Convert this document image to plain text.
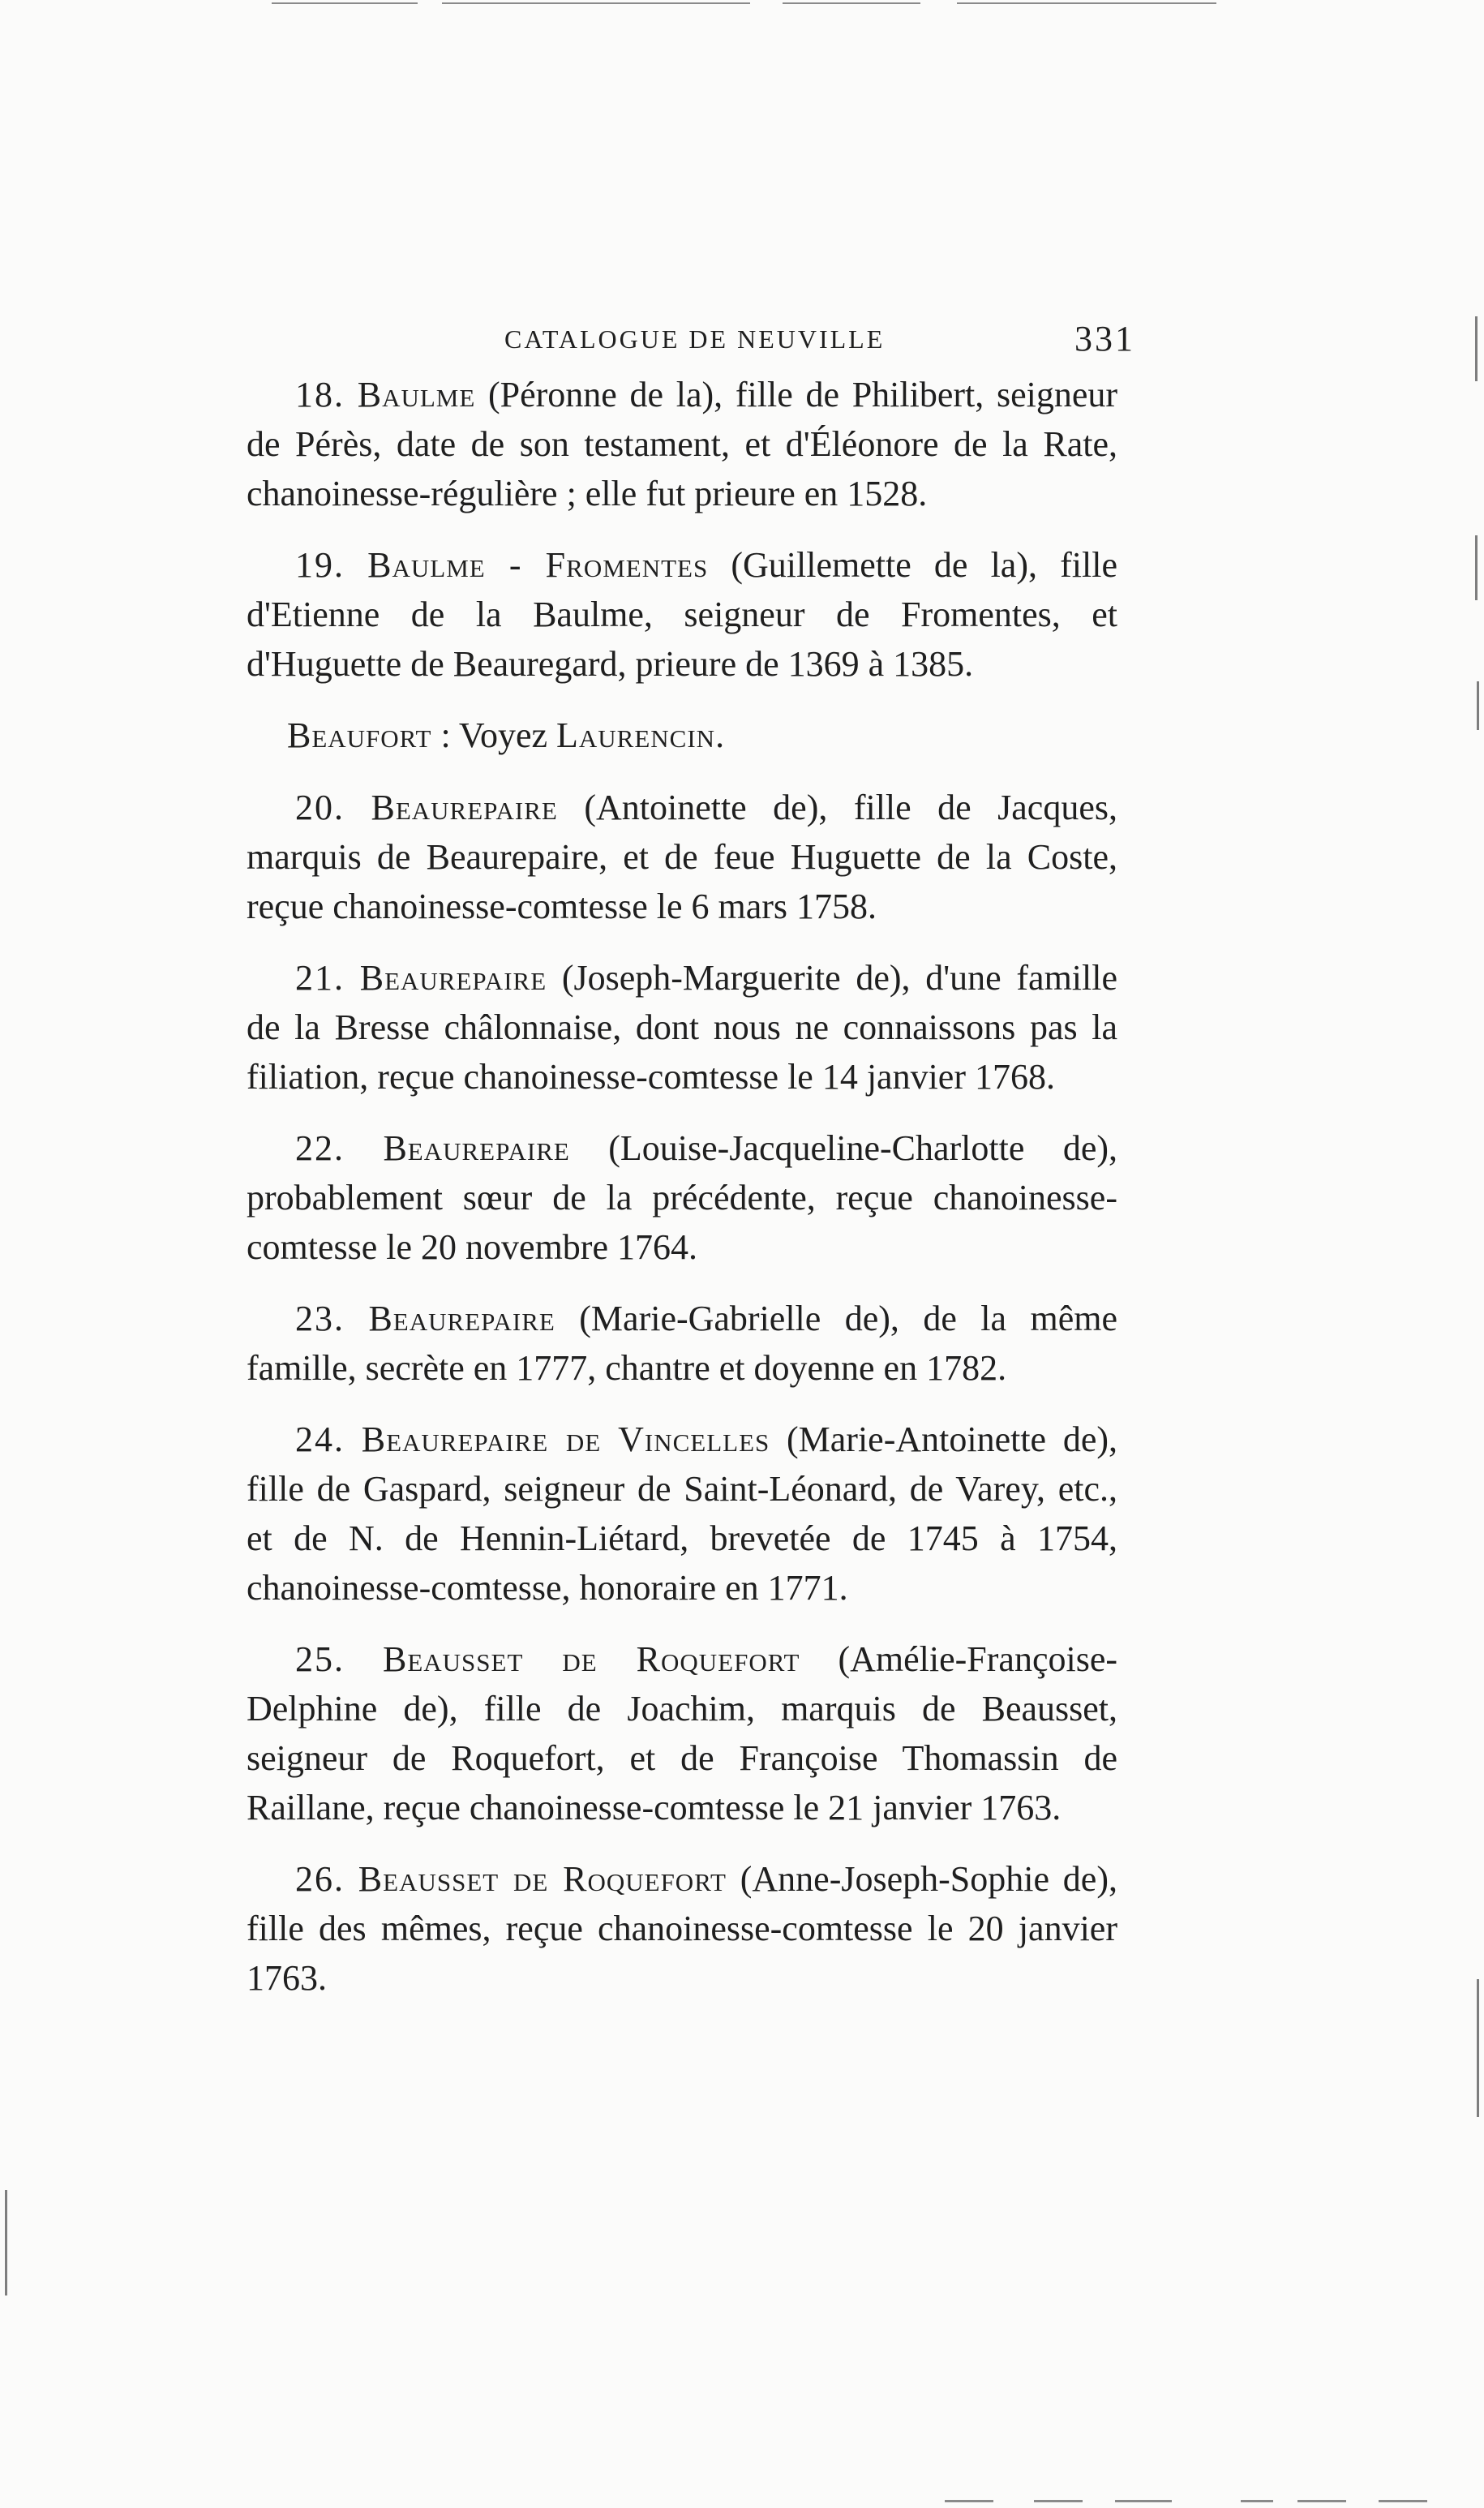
CATALOGUE DE NEUVILLE	331

18. Baulme (Péronne de la), fille de Philibert, seigneur de Pérès, date de son testament, et d'Éléonore de la Rate, chanoinesse-régulière ; elle fut prieure en 1528.

19. Baulme - Fromentes (Guillemette de la), fille d'Etienne de la Baulme, seigneur de Fromentes, et d'Huguette de Beauregard, prieure de 1369 à 1385.

Beaufort : Voyez Laurencin.

20. Beaurepaire (Antoinette de), fille de Jacques, marquis de Beaurepaire, et de feue Huguette de la Coste, reçue chanoinesse-comtesse le 6 mars 1758.

21. Beaurepaire (Joseph-Marguerite de), d'une famille de la Bresse châlonnaise, dont nous ne connaissons pas la filiation, reçue chanoinesse-comtesse le 14 janvier 1768.

22. Beaurepaire (Louise-Jacqueline-Charlotte de), probablement sœur de la précédente, reçue chanoinesse-comtesse le 20 novembre 1764.

23. Beaurepaire (Marie-Gabrielle de), de la même famille, secrète en 1777, chantre et doyenne en 1782.

24. Beaurepaire de Vincelles (Marie-Antoinette de), fille de Gaspard, seigneur de Saint-Léonard, de Varey, etc., et de N. de Hennin-Liétard, brevetée de 1745 à 1754, chanoinesse-comtesse, honoraire en 1771.

25. Beausset de Roquefort (Amélie-Françoise-Delphine de), fille de Joachim, marquis de Beausset, seigneur de Roquefort, et de Françoise Thomassin de Raillane, reçue chanoinesse-comtesse le 21 janvier 1763.

26. Beausset de Roquefort (Anne-Joseph-Sophie de), fille des mêmes, reçue chanoinesse-comtesse le 20 janvier 1763.
